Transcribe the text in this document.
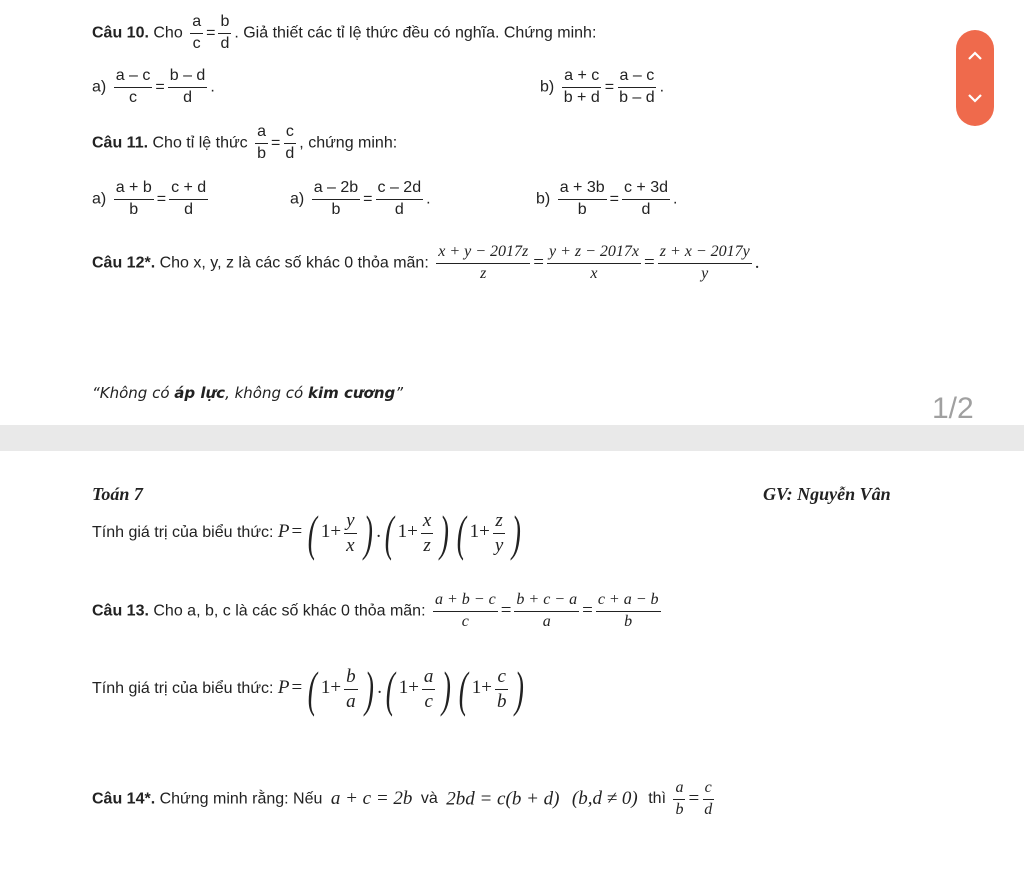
Câu 10. Cho $\frac{a}{c} = \frac{b}{d}$ . Giả thiết các tỉ lệ thức đều có nghĩa. Chứng minh:
$a) \frac{a - c}{c} = \frac{b - d}{d}$ .	$b) \frac{a + c}{b + d} = \frac{a - c}{b - d}$ .
Câu 11. Cho tỉ lệ thức $\frac{a}{b} = \frac{c}{d}$ , chứng minh:
$a) \frac{a + b}{b} = \frac{c + d}{d}$	$a) \frac{a - 2b}{b} = \frac{c - 2d}{d}$ .	$b) \frac{a + 3b}{b} = \frac{c + 3d}{d}$ .
Câu 12*. Cho x, y, z là các số khác 0 thỏa mãn: $\frac{x + y - 2017z}{z} = \frac{y + z - 2017x}{x} = \frac{z + x - 2017y}{y}$ .
“Không có áp lực, không có kim cương”	1/2
Toán 7	GV: Nguyễn Vân
Tính giá trị của biểu thức: P = ( $1+ \frac{y}{x}$ ) .( $1+ \frac{x}{z}$ ) ( $1+ \frac{z}{y}$ )
Câu 13. Cho a, b, c là các số khác 0 thỏa mãn: $\frac{a + b - c}{c} = \frac{b + c - a}{a} = \frac{c + a - b}{b}$
Tính giá trị của biểu thức: P = ( $1+ \frac{b}{a}$ ) .( $1+ \frac{a}{c}$ ) ( $1+ \frac{c}{b}$ )
Câu 14*. Chứng minh rằng: Nếu a + c = 2b và 2bd = c(b + d) (b,d ≠ 0) thì $\frac{a}{b} = \frac{c}{d}$
